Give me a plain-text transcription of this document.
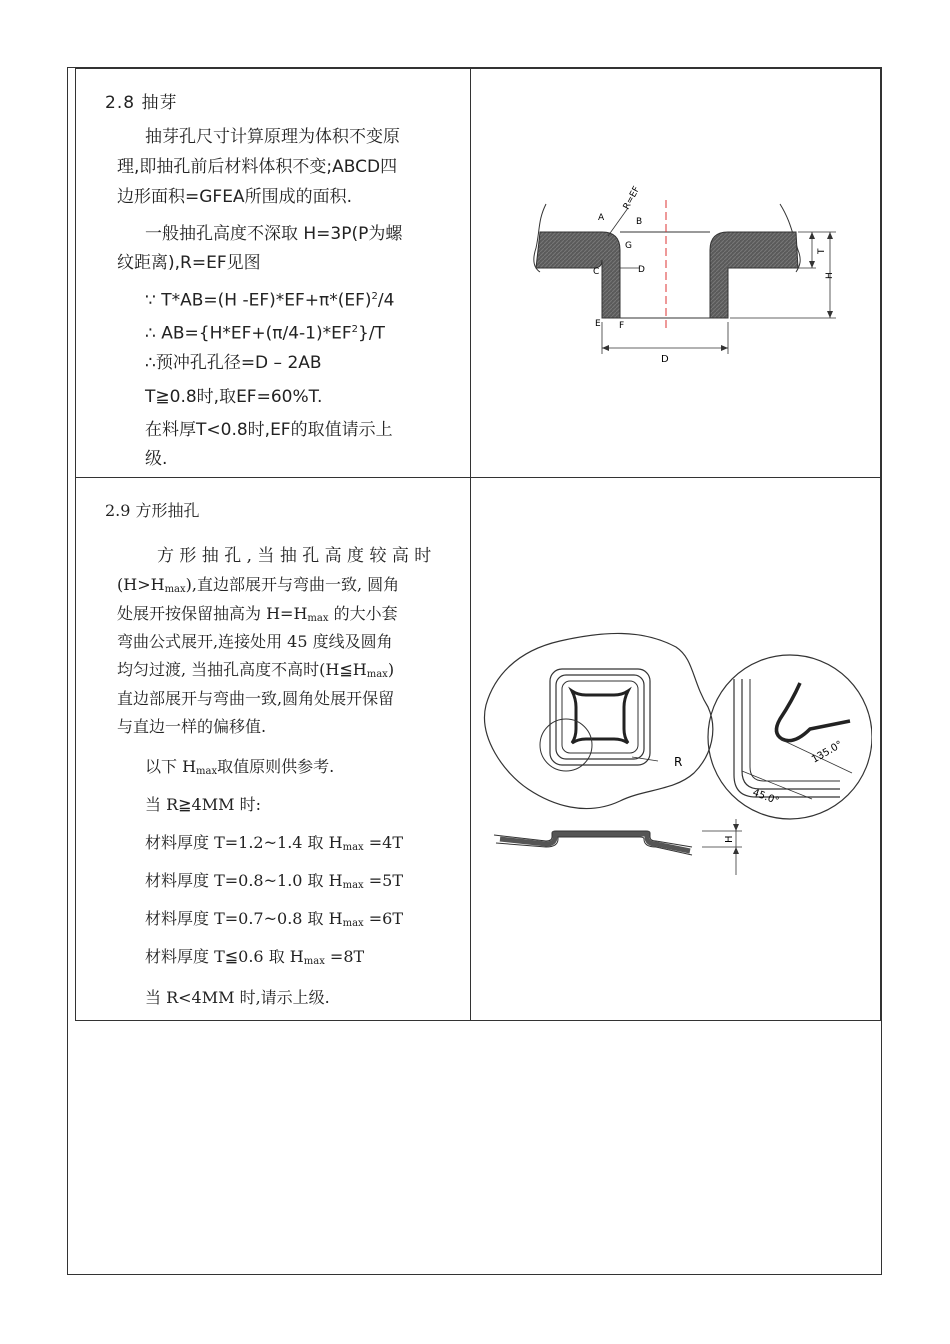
2.8 抽芽
抽芽孔尺寸计算原理为体积不变原
理,即抽孔前后材料体积不变;ABCD四
边形面积=GFEA所围成的面积.
一般抽孔高度不深取 H=3P(P为螺
纹距离),R=EF见图
∵ T*AB=(H -EF)*EF+π*(EF)$^2$/4
∴ $AB=\{H*EF+(\pi/4-1)*EF^2\}/T$
∴预冲孔孔径=D – 2AB
T≧0.8时,取EF=60%T.
在料厚T<0.8时,EF的取值请示上
级.
A	B
G
C	D
E F
R=EF
T
H
D
2.9 方形抽孔
方 形 抽 孔 , 当 抽 孔 高 度 较 高 时
$(H>H_{max})$,直边部展开与弯曲一致, 圆角
处展开按保留抽高为 $H=H_{max}$ 的大小套
弯曲公式展开,连接处用 45 度线及圆角
均匀过渡, 当抽孔高度不高时$(H≦H_{max})$
直边部展开与弯曲一致,圆角处展开保留
与直边一样的偏移值.
以下 $H_{max}$取值原则供参考.
当 R≧4MM 时:
材料厚度 T=1.2~1.4 取 $H_{max} =4T$
材料厚度 T=0.8~1.0 取 $H_{max} =5T$
材料厚度 T=0.7~0.8 取 $H_{max} =6T$
材料厚度 T≦0.6 取 $H_{max} =8T$
当 R<4MM 时,请示上级.
R	135.0°
45.0°
H
